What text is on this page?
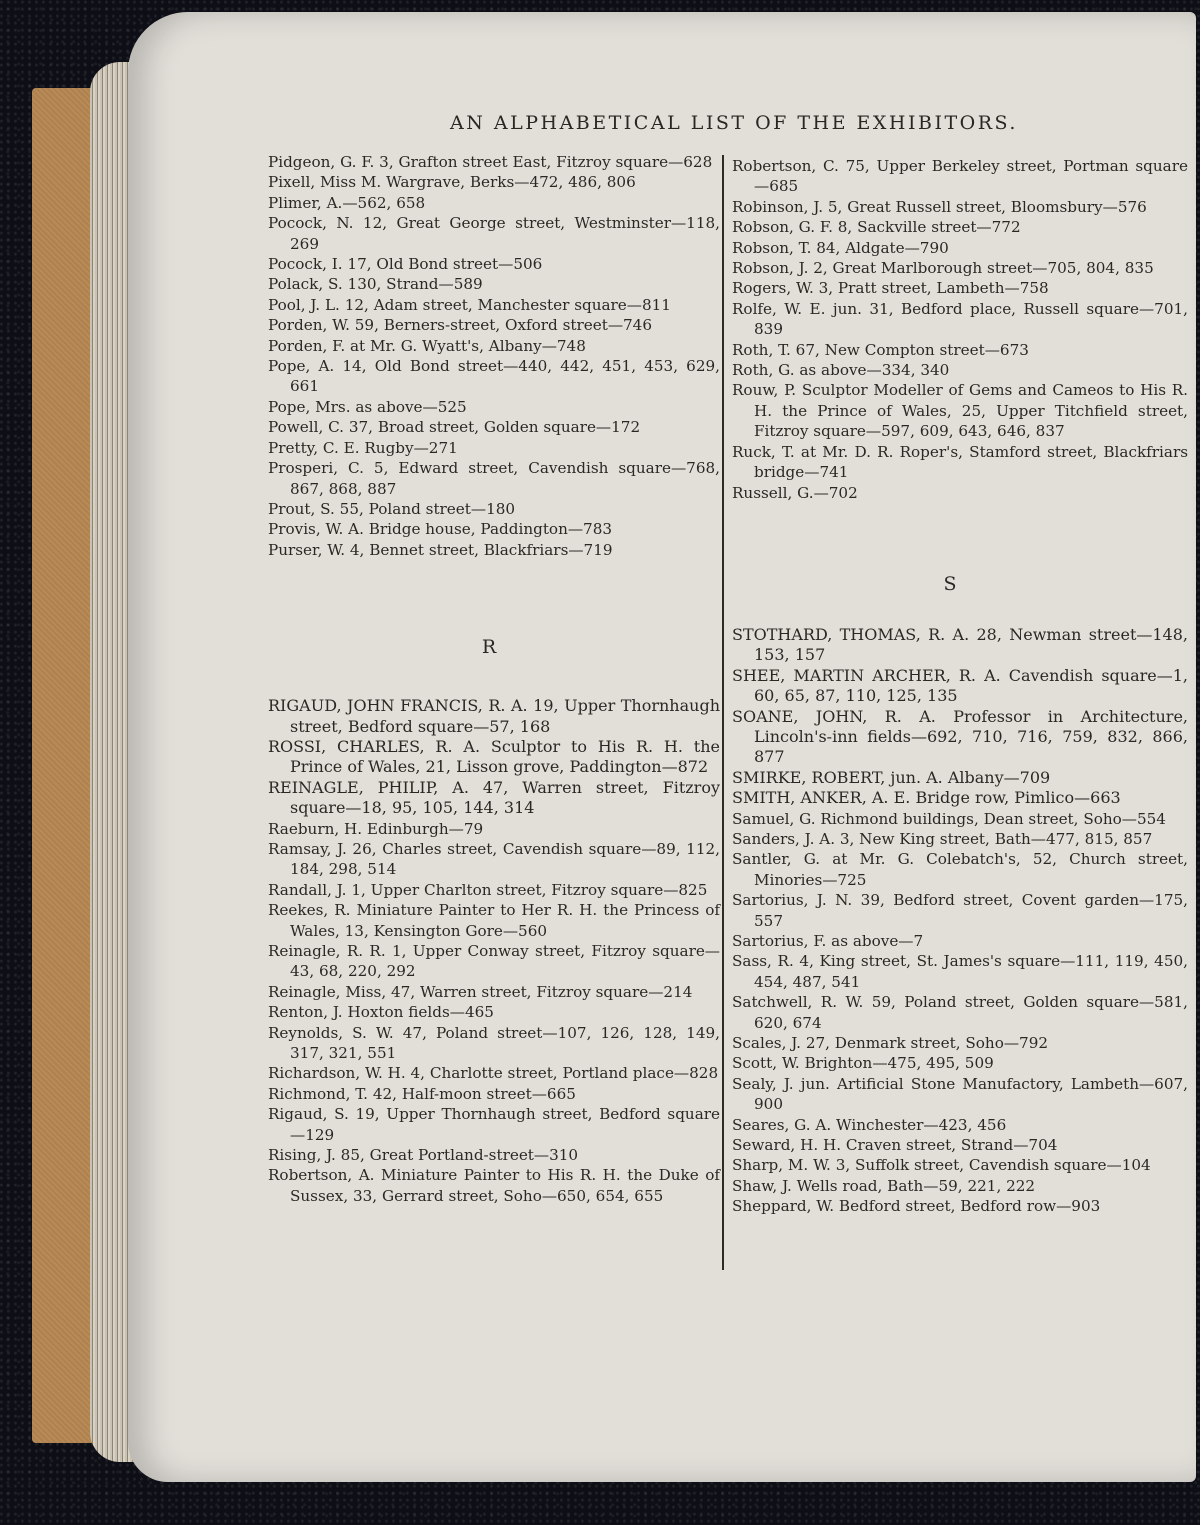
AN ALPHABETICAL LIST OF THE EXHIBITORS.

Pidgeon, G. F. 3, Grafton street East, Fitzroy square—628

Pixell, Miss M. Wargrave, Berks—472, 486, 806

Plimer, A.—562, 658

Pocock, N. 12, Great George street, Westminster—118, 269

Pocock, I. 17, Old Bond street—506

Polack, S. 130, Strand—589

Pool, J. L. 12, Adam street, Manchester square—811

Porden, W. 59, Berners-street, Oxford street—746

Porden, F. at Mr. G. Wyatt's, Albany—748

Pope, A. 14, Old Bond street—440, 442, 451, 453, 629, 661

Pope, Mrs. as above—525

Powell, C. 37, Broad street, Golden square—172

Pretty, C. E. Rugby—271

Prosperi, C. 5, Edward street, Cavendish square—768, 867, 868, 887

Prout, S. 55, Poland street—180

Provis, W. A. Bridge house, Paddington—783

Purser, W. 4, Bennet street, Blackfriars—719

R

RIGAUD, JOHN FRANCIS, R. A. 19, Upper Thornhaugh street, Bedford square—57, 168

ROSSI, CHARLES, R. A. Sculptor to His R. H. the Prince of Wales, 21, Lisson grove, Paddington—872

REINAGLE, PHILIP, A. 47, Warren street, Fitzroy square—18, 95, 105, 144, 314

Raeburn, H. Edinburgh—79

Ramsay, J. 26, Charles street, Cavendish square—89, 112, 184, 298, 514

Randall, J. 1, Upper Charlton street, Fitzroy square—825

Reekes, R. Miniature Painter to Her R. H. the Princess of Wales, 13, Kensington Gore—560

Reinagle, R. R. 1, Upper Conway street, Fitzroy square—43, 68, 220, 292

Reinagle, Miss, 47, Warren street, Fitzroy square—214

Renton, J. Hoxton fields—465

Reynolds, S. W. 47, Poland street—107, 126, 128, 149, 317, 321, 551

Richardson, W. H. 4, Charlotte street, Portland place—828

Richmond, T. 42, Half-moon street—665

Rigaud, S. 19, Upper Thornhaugh street, Bedford square—129

Rising, J. 85, Great Portland-street—310

Robertson, A. Miniature Painter to His R. H. the Duke of Sussex, 33, Gerrard street, Soho—650, 654, 655

Robertson, C. 75, Upper Berkeley street, Portman square—685

Robinson, J. 5, Great Russell street, Bloomsbury—576

Robson, G. F. 8, Sackville street—772

Robson, T. 84, Aldgate—790

Robson, J. 2, Great Marlborough street—705, 804, 835

Rogers, W. 3, Pratt street, Lambeth—758

Rolfe, W. E. jun. 31, Bedford place, Russell square—701, 839

Roth, T. 67, New Compton street—673

Roth, G. as above—334, 340

Rouw, P. Sculptor Modeller of Gems and Cameos to His R. H. the Prince of Wales, 25, Upper Titchfield street, Fitzroy square—597, 609, 643, 646, 837

Ruck, T. at Mr. D. R. Roper's, Stamford street, Blackfriars bridge—741

Russell, G.—702

S

STOTHARD, THOMAS, R. A. 28, Newman street—148, 153, 157

SHEE, MARTIN ARCHER, R. A. Cavendish square—1, 60, 65, 87, 110, 125, 135

SOANE, JOHN, R. A. Professor in Architecture, Lincoln's-inn fields—692, 710, 716, 759, 832, 866, 877

SMIRKE, ROBERT, jun. A. Albany—709

SMITH, ANKER, A. E. Bridge row, Pimlico—663

Samuel, G. Richmond buildings, Dean street, Soho—554

Sanders, J. A. 3, New King street, Bath—477, 815, 857

Santler, G. at Mr. G. Colebatch's, 52, Church street, Minories—725

Sartorius, J. N. 39, Bedford street, Covent garden—175, 557

Sartorius, F. as above—7

Sass, R. 4, King street, St. James's square—111, 119, 450, 454, 487, 541

Satchwell, R. W. 59, Poland street, Golden square—581, 620, 674

Scales, J. 27, Denmark street, Soho—792

Scott, W. Brighton—475, 495, 509

Sealy, J. jun. Artificial Stone Manufactory, Lambeth—607, 900

Seares, G. A. Winchester—423, 456

Seward, H. H. Craven street, Strand—704

Sharp, M. W. 3, Suffolk street, Cavendish square—104

Shaw, J. Wells road, Bath—59, 221, 222

Sheppard, W. Bedford street, Bedford row—903
